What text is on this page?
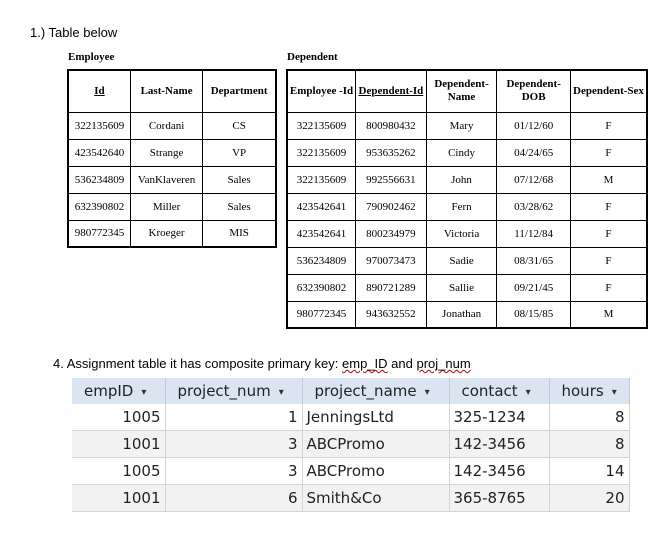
1.) Table below
Employee
Id	Last-Name	Department
322135609	Cordani	CS
423542640	Strange	VP
536234809	VanKlaveren	Sales
632390802	Miller	Sales
980772345	Kroeger	MIS
Dependent
Employee -Id	Dependent-Id	Dependent-Name	Dependent-DOB	Dependent-Sex
322135609	800980432	Mary	01/12/60	F
322135609	953635262	Cindy	04/24/65	F
322135609	992556631	John	07/12/68	M
423542641	790902462	Fern	03/28/62	F
423542641	800234979	Victoria	11/12/84	F
536234809	970073473	Sadie	08/31/65	F
632390802	890721289	Sallie	09/21/45	F
980772345	943632552	Jonathan	08/15/85	M
4. Assignment table it has composite primary key: emp_ID and proj_num
empID ▾	project_num ▾	project_name ▾	contact ▾	hours ▾
1005	1	JenningsLtd	325-1234	8
1001	3	ABCPromo	142-3456	8
1005	3	ABCPromo	142-3456	14
1001	6	Smith&Co	365-8765	20
